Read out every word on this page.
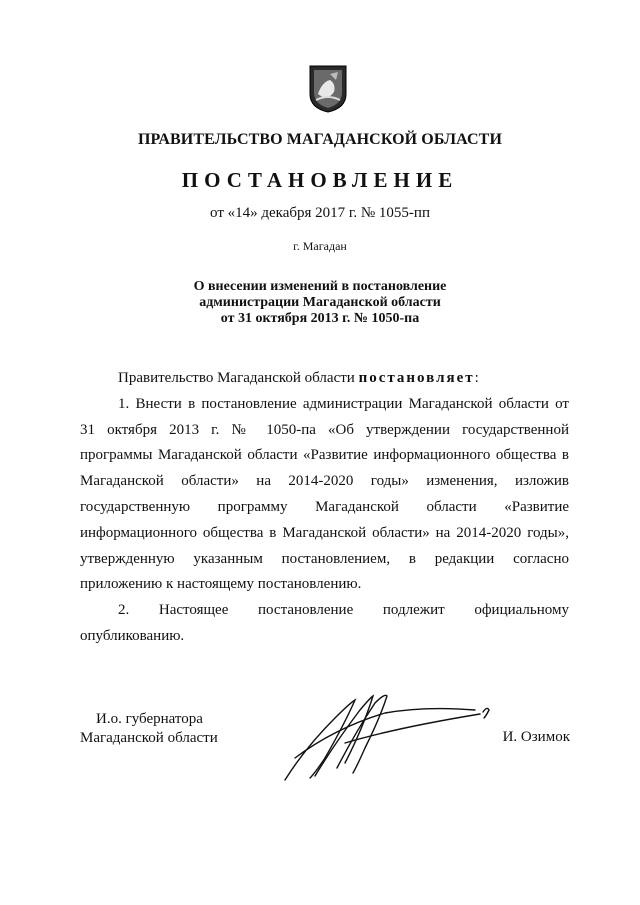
ПРАВИТЕЛЬСТВО МАГАДАНСКОЙ ОБЛАСТИ
ПОСТАНОВЛЕНИЕ
от «14» декабря 2017 г. № 1055-пп
г. Магадан
О внесении изменений в постановление
администрации Магаданской области
от 31 октября 2013 г. № 1050-па

Правительство Магаданской области постановляет:

1. Внести в постановление администрации Магаданской области от 31 октября 2013 г. № 1050-па «Об утверждении государственной программы Магаданской области «Развитие информационного общества в Магаданской области» на 2014-2020 годы» изменения, изложив государственную программу Магаданской области «Развитие информационного общества в Магаданской области» на 2014-2020 годы», утвержденную указанным постановлением, в редакции согласно приложению к настоящему постановлению.

2. Настоящее постановление подлежит официальному опубликованию.

И.о. губернатора
Магаданской области	И. Озимок
